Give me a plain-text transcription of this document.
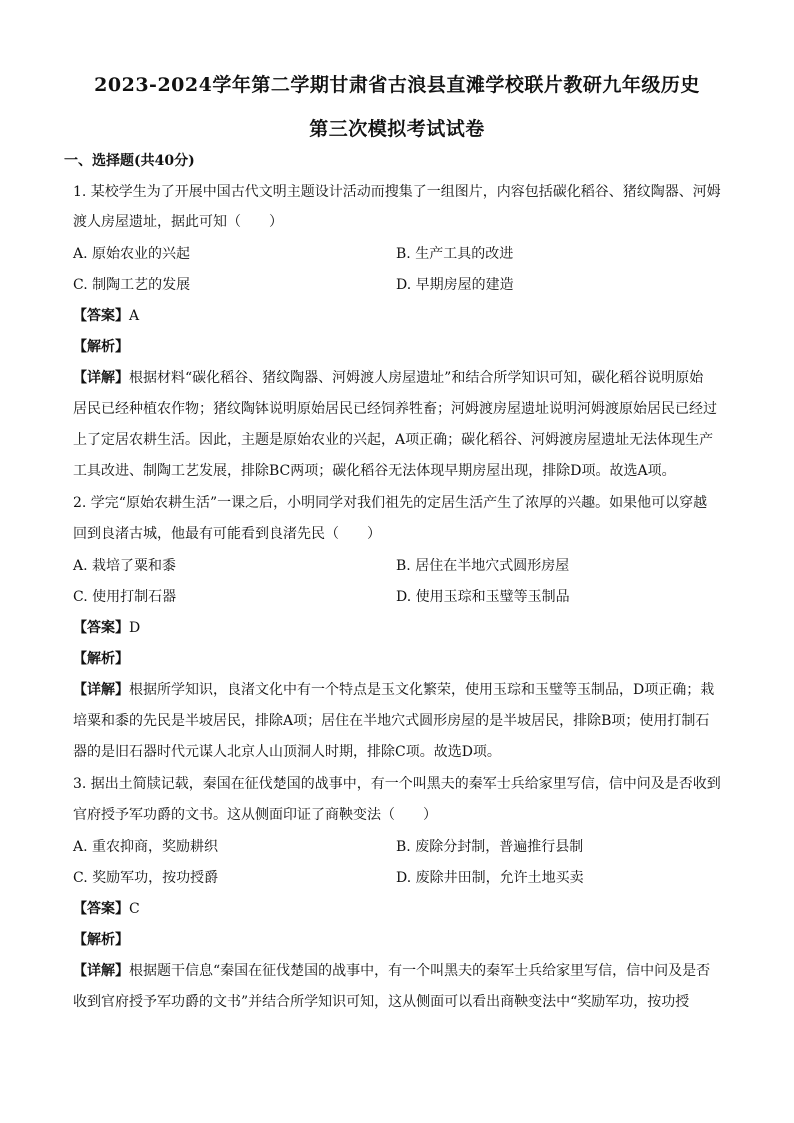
2023-2024学年第二学期甘肃省古浪县直滩学校联片教研九年级历史
第三次模拟考试试卷
一、选择题(共40分)
1. 某校学生为了开展中国古代文明主题设计活动而搜集了一组图片，内容包括碳化稻谷、猪纹陶器、河姆
渡人房屋遗址，据此可知（　　）
A. 原始农业的兴起	B. 生产工具的改进
C. 制陶工艺的发展	D. 早期房屋的建造
【答案】A
【解析】
【详解】根据材料“碳化稻谷、猪纹陶器、河姆渡人房屋遗址”和结合所学知识可知，碳化稻谷说明原始
居民已经种植农作物；猪纹陶钵说明原始居民已经饲养牲畜；河姆渡房屋遗址说明河姆渡原始居民已经过
上了定居农耕生活。因此，主题是原始农业的兴起，A项正确；碳化稻谷、河姆渡房屋遗址无法体现生产
工具改进、制陶工艺发展，排除BC两项；碳化稻谷无法体现早期房屋出现，排除D项。故选A项。
2. 学完“原始农耕生活”一课之后，小明同学对我们祖先的定居生活产生了浓厚的兴趣。如果他可以穿越
回到良渚古城，他最有可能看到良渚先民（　　）
A. 栽培了粟和黍	B. 居住在半地穴式圆形房屋
C. 使用打制石器	D. 使用玉琮和玉璧等玉制品
【答案】D
【解析】
【详解】根据所学知识，良渚文化中有一个特点是玉文化繁荣，使用玉琮和玉璧等玉制品，D项正确；栽
培粟和黍的先民是半坡居民，排除A项；居住在半地穴式圆形房屋的是半坡居民，排除B项；使用打制石
器的是旧石器时代元谋人北京人山顶洞人时期，排除C项。故选D项。
3. 据出土简牍记载，秦国在征伐楚国的战事中，有一个叫黑夫的秦军士兵给家里写信，信中问及是否收到
官府授予军功爵的文书。这从侧面印证了商鞅变法（　　）
A. 重农抑商，奖励耕织	B. 废除分封制，普遍推行县制
C. 奖励军功，按功授爵	D. 废除井田制，允许土地买卖
【答案】C
【解析】
【详解】根据题干信息“秦国在征伐楚国的战事中，有一个叫黑夫的秦军士兵给家里写信，信中问及是否
收到官府授予军功爵的文书”并结合所学知识可知，这从侧面可以看出商鞅变法中“奖励军功，按功授
